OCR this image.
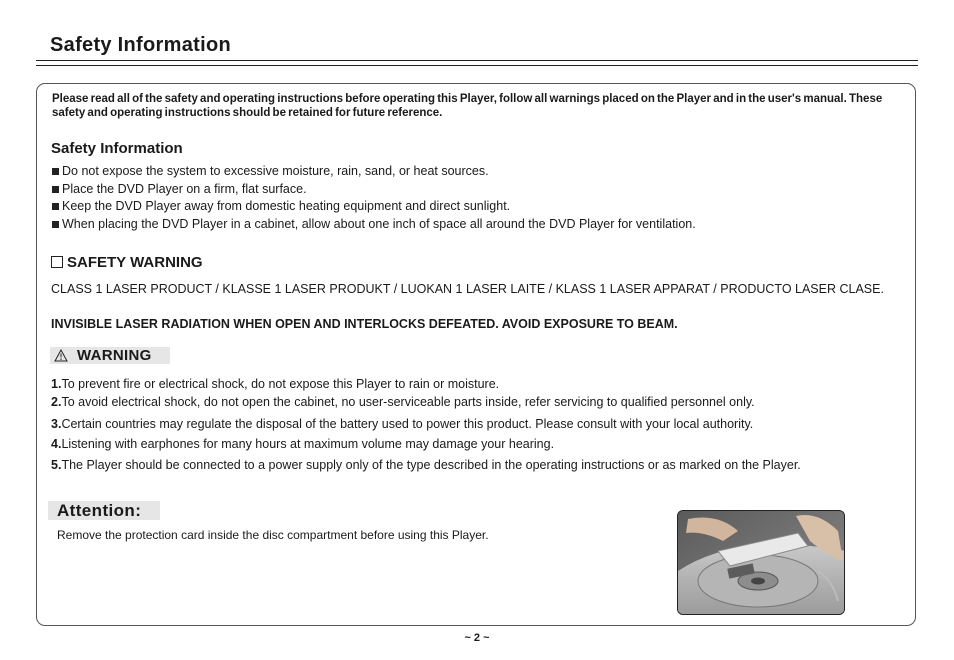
Safety Information
Please read all of the safety and operating instructions before operating this Player, follow all warnings placed on the Player and in the user's manual. These safety and operating instructions should be retained for future reference.
Safety Information
Do not expose the system to excessive moisture, rain, sand, or heat sources.
Place the DVD Player on a firm, flat surface.
Keep the DVD Player away from domestic heating equipment and direct sunlight.
When placing the DVD Player in a cabinet, allow about one inch of space all around the DVD Player for ventilation.
SAFETY WARNING
CLASS 1 LASER PRODUCT / KLASSE 1 LASER PRODUKT / LUOKAN 1 LASER LAITE / KLASS 1 LASER APPARAT / PRODUCTO LASER CLASE.
INVISIBLE LASER RADIATION WHEN OPEN AND INTERLOCKS DEFEATED. AVOID EXPOSURE TO BEAM.
WARNING
1.To prevent fire or electrical shock, do not expose this Player to rain or moisture.
2.To avoid electrical shock, do not open the cabinet, no user-serviceable parts inside, refer servicing to qualified personnel only.
3.Certain countries may regulate the disposal of the battery used to power this product. Please consult with your local authority.
4.Listening with earphones for many hours at maximum volume may damage your hearing.
5.The Player should be connected to a power supply only of the type described in the operating instructions or as marked on the Player.
Attention:
Remove the protection card inside the disc compartment before using this Player.
~ 2 ~
